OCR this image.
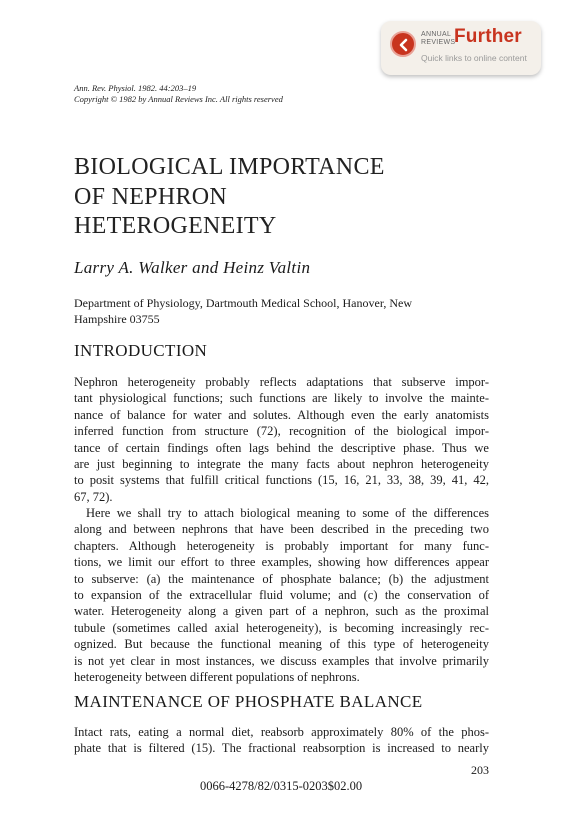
ANNUAL
REVIEWS
Further
Quick links to online content
Ann. Rev. Physiol. 1982. 44:203–19
Copyright © 1982 by Annual Reviews Inc. All rights reserved
BIOLOGICAL IMPORTANCE
OF NEPHRON
HETEROGENEITY
Larry A. Walker and Heinz Valtin
Department of Physiology, Dartmouth Medical School, Hanover, New
Hampshire 03755
INTRODUCTION
Nephron heterogeneity probably reflects adaptations that subserve impor-
tant physiological functions; such functions are likely to involve the mainte-
nance of balance for water and solutes. Although even the early anatomists
inferred function from structure (72), recognition of the biological impor-
tance of certain findings often lags behind the descriptive phase. Thus we
are just beginning to integrate the many facts about nephron heterogeneity
to posit systems that fulfill critical functions (15, 16, 21, 33, 38, 39, 41, 42,
67, 72).
Here we shall try to attach biological meaning to some of the differences
along and between nephrons that have been described in the preceding two
chapters. Although heterogeneity is probably important for many func-
tions, we limit our effort to three examples, showing how differences appear
to subserve: (a) the maintenance of phosphate balance; (b) the adjustment
to expansion of the extracellular fluid volume; and (c) the conservation of
water. Heterogeneity along a given part of a nephron, such as the proximal
tubule (sometimes called axial heterogeneity), is becoming increasingly rec-
ognized. But because the functional meaning of this type of heterogeneity
is not yet clear in most instances, we discuss examples that involve primarily
heterogeneity between different populations of nephrons.
MAINTENANCE OF PHOSPHATE BALANCE
Intact rats, eating a normal diet, reabsorb approximately 80% of the phos-
phate that is filtered (15). The fractional reabsorption is increased to nearly
203
0066-4278/82/0315-0203$02.00
